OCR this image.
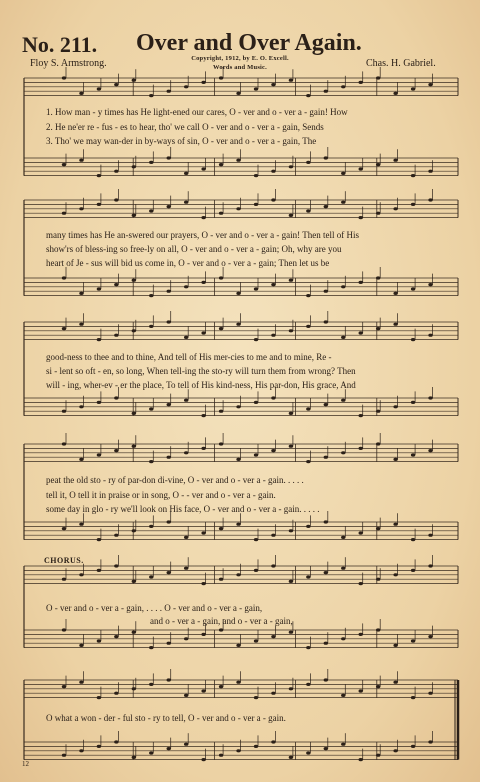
No. 211. Over and Over Again.
Floy S. Armstrong.	Copyright, 1912, by E. O. Excell.
Words and Music.	Chas. H. Gabriel.
1. How man - y times has He light-ened our cares, O - ver and o - ver a - gain! How
2. He ne'er re - fus - es to hear, tho' we call O - ver and o - ver a - gain, Sends
3. Tho' we may wan-der in by-ways of sin, O - ver and o - ver a - gain, The
many times has He an-swered our prayers, O - ver and o - ver a - gain! Then tell of His
show'rs of bless-ing so free-ly on all, O - ver and o - ver a - gain; Oh, why are you
heart of Je - sus will bid us come in, O - ver and o - ver a - gain; Then let us be
good-ness to thee and to thine, And tell of His mer-cies to me and to mine, Re -
si - lent so oft - en, so long, When tell-ing the sto-ry will turn them from wrong? Then
will - ing, wher-ev - er the place, To tell of His kind-ness, His par-don, His grace, And
peat the old sto - ry of par-don di-vine, O - ver and o - ver a - gain. . . . .
tell it, O tell it in praise or in song, O - - ver and o - ver a - gain.
some day in glo - ry we'll look on His face, O - ver and o - ver a - gain. . . . .
CHORUS.
O - ver and o - ver a - gain, . . . . O - ver and o - ver a - gain,
and o - ver a - gain, and o - ver a - gain,
O what a won - der - ful sto - ry to tell, O - ver and o - ver a - gain.
12
